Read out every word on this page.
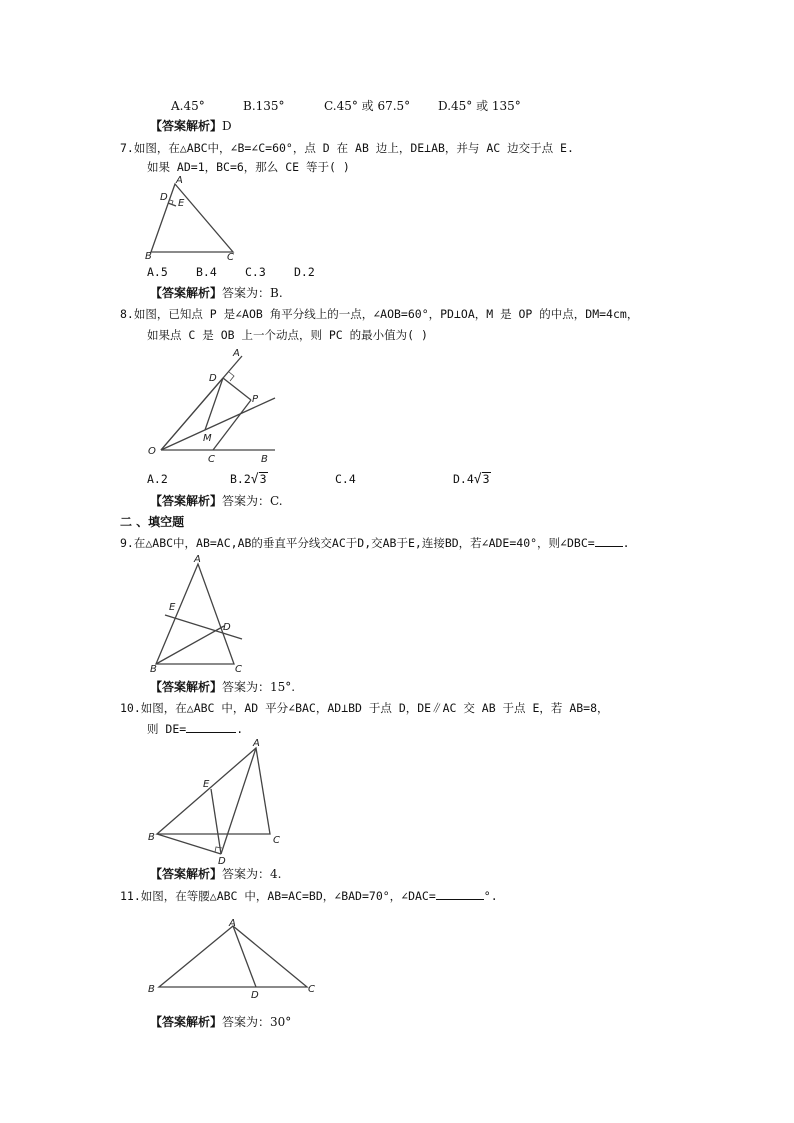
A.45°	B.135°	C.45° 或 67.5° D.45° 或 135°
【答案解析】D
7.如图，在△ABC中，∠B=∠C=60°，点 D 在 AB 边上，DE⊥AB，并与 AC 边交于点 E.
如果 AD=1，BC=6，那么 CE 等于( )
A
D
E
B	C
A.5 B.4 C.3 D.2
【答案解析】答案为：B.
8.如图，已知点 P 是∠AOB 角平分线上的一点，∠AOB=60°，PD⊥OA，M 是 OP 的中点，DM=4cm，
如果点 C 是 OB 上一个动点，则 PC 的最小值为( )
A
D
P
M
O
C	B
A.2	B.2√3	C.4	D.4√3
【答案解析】答案为：C.
二 、填空题
9.在△ABC中，AB=AC,AB的垂直平分线交AC于D,交AB于E,连接BD，若∠ADE=40°，则∠DBC= .
A
E
D
B	C
【答案解析】答案为：15°.
10.如图，在△ABC 中，AD 平分∠BAC，AD⊥BD 于点 D，DE∥AC 交 AB 于点 E，若 AB=8，
则 DE=	.
A
E
B	C
D
【答案解析】答案为：4.
11.如图，在等腰△ABC 中，AB=AC=BD，∠BAD=70°，∠DAC=	°.
A
B
D
C
【答案解析】答案为：30°
